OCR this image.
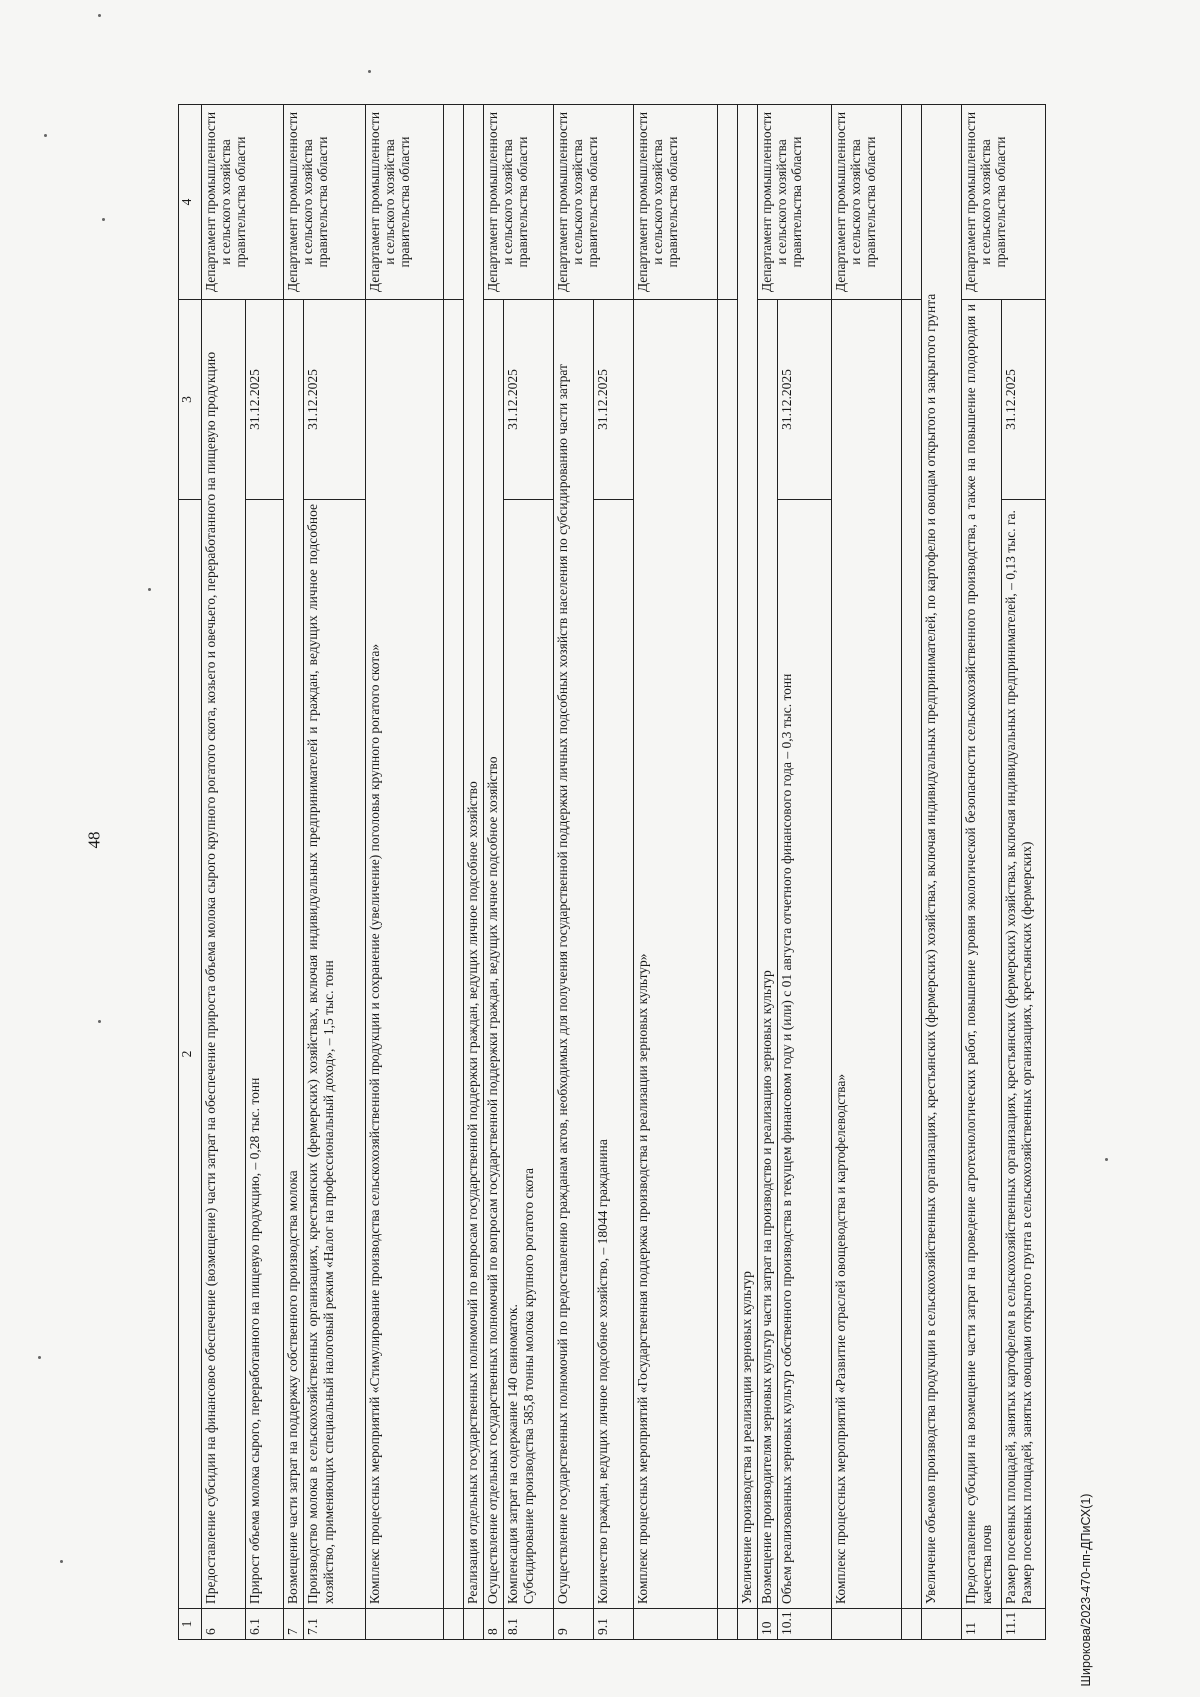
48
Широкова/2023-470-пп-ДПиСХ(1)
1	2	3	4
6	Предоставление субсидии на финансовое обеспечение (возмещение) части затрат на обеспечение прироста объема молока сырого крупного рогатого скота, козьего и овечьего, переработанного на пищевую продукцию		Департамент промышленности и сельского хозяйства правительства области
6.1	Прирост объема молока сырого, переработанного на пищевую продукцию, – 0,28 тыс. тонн	31.12.2025	
7	Возмещение части затрат на поддержку собственного производства молока		Департамент промышленности и сельского хозяйства правительства области
7.1	Производство молока в сельскохозяйственных организациях, крестьянских (фермерских) хозяйствах, включая индивидуальных предпринимателей и граждан, ведущих личное подсобное хозяйство, применяющих специальный налоговый режим «Налог на профессиональный доход», – 1,5 тыс. тонн	31.12.2025	
	Комплекс процессных мероприятий «Стимулирование производства сельскохозяйственной продукции и сохранение (увеличение) поголовья крупного рогатого скота»		Департамент промышленности и сельского хозяйства правительства области

	Реализация отдельных государственных полномочий по вопросам государственной поддержки граждан, ведущих личное подсобное хозяйство		
8	Осуществление отдельных государственных полномочий по вопросам государственной поддержки граждан, ведущих личное подсобное хозяйство		Департамент промышленности и сельского хозяйства правительства области
8.1	Компенсация затрат на содержание 140 свиноматок. Субсидирование производства 585,8 тонны молока крупного рогатого скота	31.12.2025	
9	Осуществление государственных полномочий по предоставлению гражданам актов, необходимых для получения государственной поддержки личных подсобных хозяйств населения по субсидированию части затрат		Департамент промышленности и сельского хозяйства правительства области
9.1	Количество граждан, ведущих личное подсобное хозяйство, – 18044 гражданина	31.12.2025	
	Комплекс процессных мероприятий «Государственная поддержка производства и реализации зерновых культур»		Департамент промышленности и сельского хозяйства правительства области

	Увеличение производства и реализации зерновых культур		
10	Возмещение производителям зерновых культур части затрат на производство и реализацию зерновых культур		Департамент промышленности и сельского хозяйства правительства области
10.1	Объем реализованных зерновых культур собственного производства в текущем финансовом году и (или) с 01 августа отчетного финансового года – 0,3 тыс. тонн	31.12.2025	
	Комплекс процессных мероприятий «Развитие отраслей овощеводства и картофелеводства»		Департамент промышленности и сельского хозяйства правительства области

	Увеличение объемов производства продукции в сельскохозяйственных организациях, крестьянских (фермерских) хозяйствах, включая индивидуальных предпринимателей, по картофелю и овощам открытого и закрытого грунта		
11	Предоставление субсидии на возмещение части затрат на проведение агротехнологических работ, повышение уровня экологической безопасности сельскохозяйственного производства, а также на повышение плодородия и качества почв		Департамент промышленности и сельского хозяйства правительства области
11.1	Размер посевных площадей, занятых картофелем в сельскохозяйственных организациях, крестьянских (фермерских) хозяйствах, включая индивидуальных предпринимателей, – 0,13 тыс. га. Размер посевных площадей, занятых овощами открытого грунта в сельскохозяйственных организациях, крестьянских (фермерских)	31.12.2025	
